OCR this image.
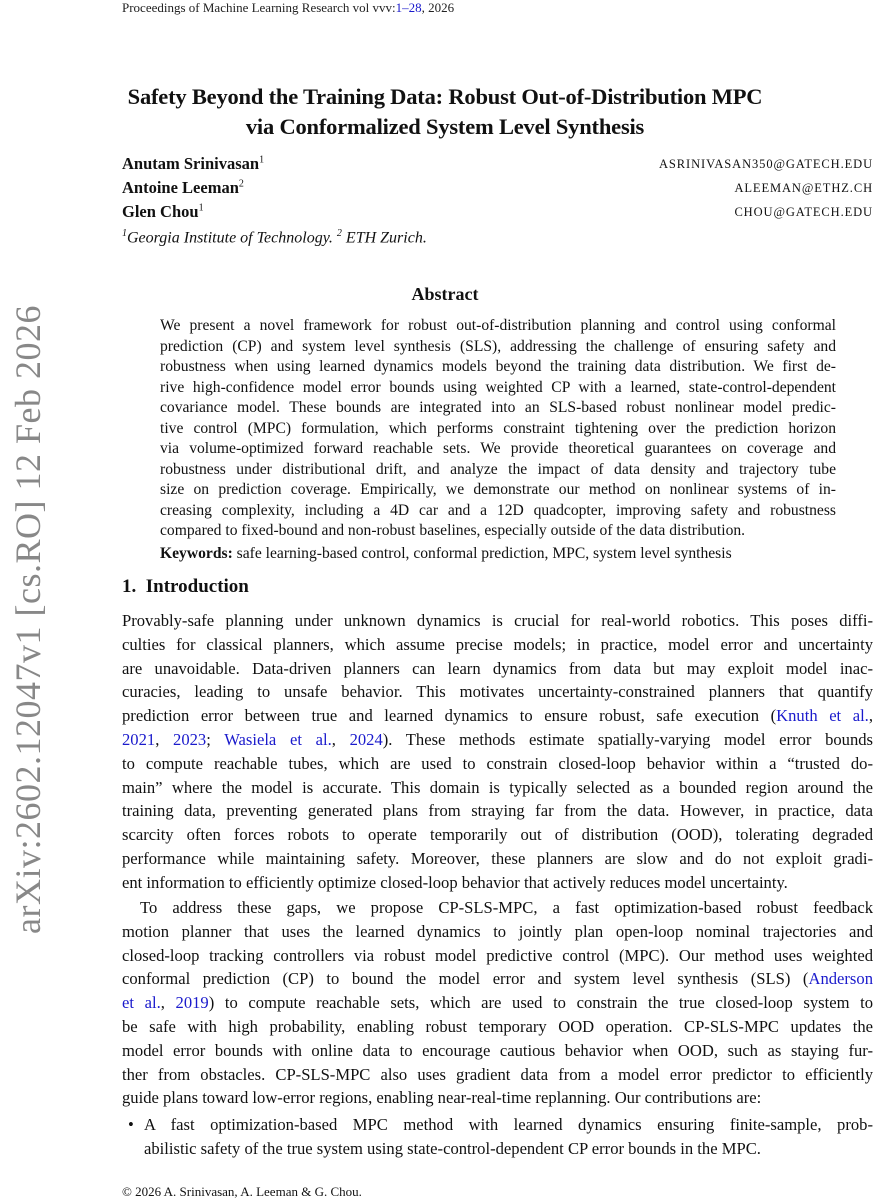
Proceedings of Machine Learning Research vol vvv:1–28, 2026
arXiv:2602.12047v1 [cs.RO] 12 Feb 2026
Safety Beyond the Training Data: Robust Out-of-Distribution MPC
via Conformalized System Level Synthesis
Anutam Srinivasan$^1$	ASRINIVASAN350@GATECH.EDU
Antoine Leeman$^2$	ALEEMAN@ETHZ.CH
Glen Chou$^1$	CHOU@GATECH.EDU
$^1$Georgia Institute of Technology. $^2$ ETH Zurich.
Abstract
We present a novel framework for robust out-of-distribution planning and control using conformal
prediction (CP) and system level synthesis (SLS), addressing the challenge of ensuring safety and
robustness when using learned dynamics models beyond the training data distribution. We first de-
rive high-confidence model error bounds using weighted CP with a learned, state-control-dependent
covariance model. These bounds are integrated into an SLS-based robust nonlinear model predic-
tive control (MPC) formulation, which performs constraint tightening over the prediction horizon
via volume-optimized forward reachable sets. We provide theoretical guarantees on coverage and
robustness under distributional drift, and analyze the impact of data density and trajectory tube
size on prediction coverage. Empirically, we demonstrate our method on nonlinear systems of in-
creasing complexity, including a 4D car and a 12D quadcopter, improving safety and robustness
compared to fixed-bound and non-robust baselines, especially outside of the data distribution.
Keywords: safe learning-based control, conformal prediction, MPC, system level synthesis
1. Introduction
Provably-safe planning under unknown dynamics is crucial for real-world robotics. This poses diffi-
culties for classical planners, which assume precise models; in practice, model error and uncertainty
are unavoidable. Data-driven planners can learn dynamics from data but may exploit model inac-
curacies, leading to unsafe behavior. This motivates uncertainty-constrained planners that quantify
prediction error between true and learned dynamics to ensure robust, safe execution (Knuth et al.,
2021, 2023; Wasiela et al., 2024). These methods estimate spatially-varying model error bounds
to compute reachable tubes, which are used to constrain closed-loop behavior within a “trusted do-
main” where the model is accurate. This domain is typically selected as a bounded region around the
training data, preventing generated plans from straying far from the data. However, in practice, data
scarcity often forces robots to operate temporarily out of distribution (OOD), tolerating degraded
performance while maintaining safety. Moreover, these planners are slow and do not exploit gradi-
ent information to efficiently optimize closed-loop behavior that actively reduces model uncertainty.
To address these gaps, we propose CP-SLS-MPC, a fast optimization-based robust feedback
motion planner that uses the learned dynamics to jointly plan open-loop nominal trajectories and
closed-loop tracking controllers via robust model predictive control (MPC). Our method uses weighted
conformal prediction (CP) to bound the model error and system level synthesis (SLS) (Anderson
et al., 2019) to compute reachable sets, which are used to constrain the true closed-loop system to
be safe with high probability, enabling robust temporary OOD operation. CP-SLS-MPC updates the
model error bounds with online data to encourage cautious behavior when OOD, such as staying fur-
ther from obstacles. CP-SLS-MPC also uses gradient data from a model error predictor to efficiently
guide plans toward low-error regions, enabling near-real-time replanning. Our contributions are:
• A fast optimization-based MPC method with learned dynamics ensuring finite-sample, prob-
abilistic safety of the true system using state-control-dependent CP error bounds in the MPC.
© 2026 A. Srinivasan, A. Leeman & G. Chou.
